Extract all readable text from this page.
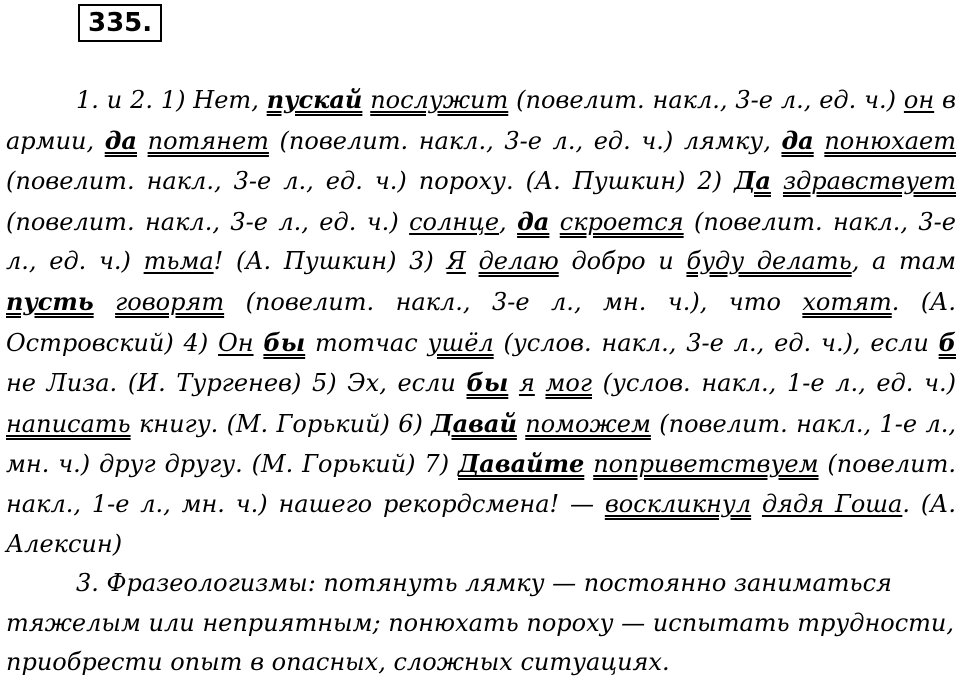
335.

1. и 2. 1) Нет, пускай послужит (повелит. накл., 3-е л., ед. ч.) он в армии, да потянет (повелит. накл., 3-е л., ед. ч.) лямку, да понюхает (повелит. накл., 3-е л., ед. ч.) пороху. (А. Пушкин) 2) Да здравствует (повелит. накл., 3-е л., ед. ч.) солнце, да скроется (повелит. накл., 3-е л., ед. ч.) тьма! (А. Пушкин) 3) Я делаю добро и буду делать, а там пусть говорят (повелит. накл., 3-е л., мн. ч.), что хотят. (А. Островский) 4) Он бы тотчас ушёл (услов. накл., 3-е л., ед. ч.), если б не Лиза. (И. Тургенев) 5) Эх, если бы я мог (услов. накл., 1-е л., ед. ч.) написать книгу. (М. Горький) 6) Давай поможем (повелит. накл., 1-е л., мн. ч.) друг другу. (М. Горький) 7) Давайте поприветствуем (повелит. накл., 1-е л., мн. ч.) нашего рекордсмена! — воскликнул дядя Гоша. (А. Алексин)

3. Фразеологизмы: потянуть лямку — постоянно заниматься тяжелым или неприятным; понюхать пороху — испытать трудности, приобрести опыт в опасных, сложных ситуациях.
